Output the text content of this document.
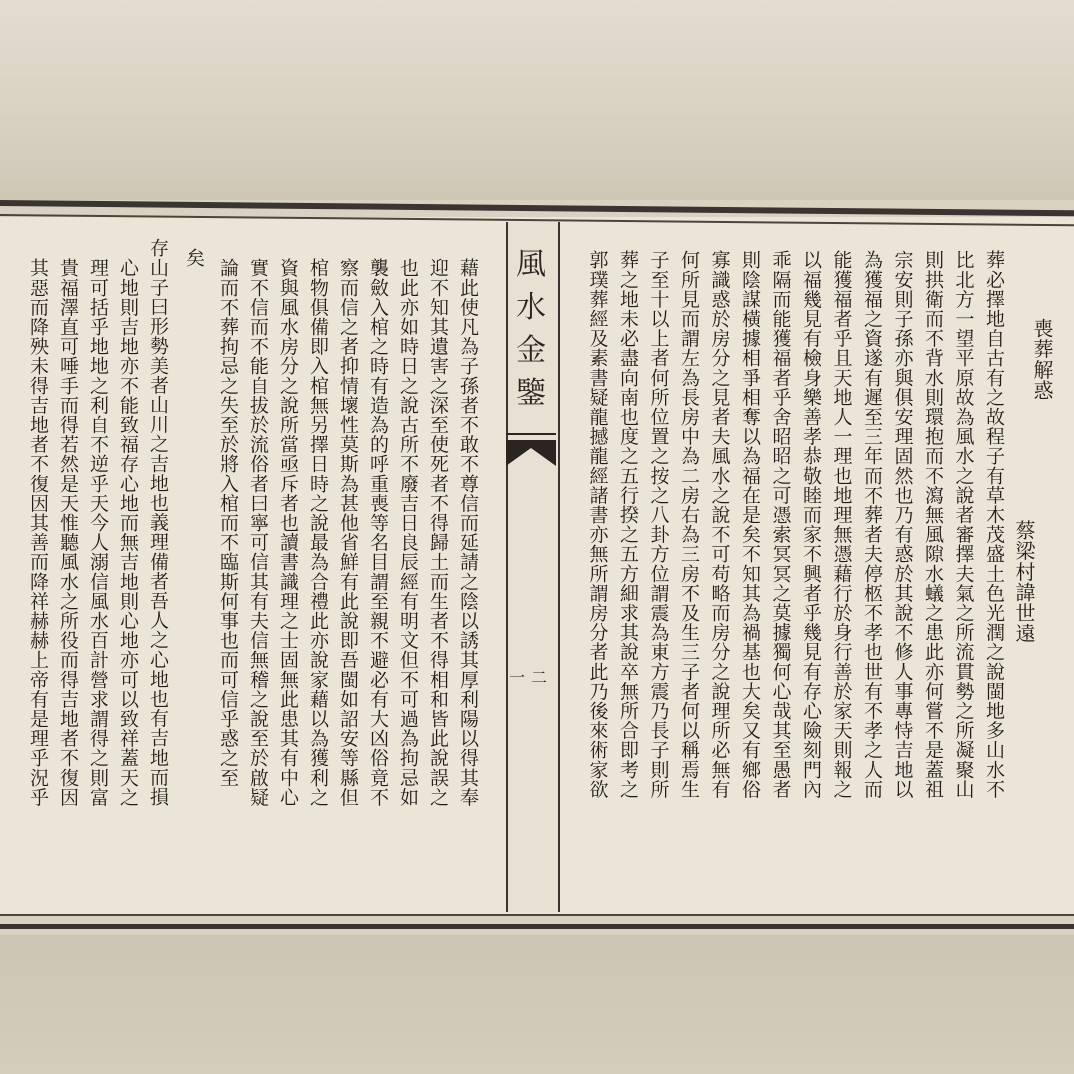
風
水
金
鑒
一二
喪葬解惑
蔡梁村諱世遠
葬必擇地自古有之故程子有草木茂盛土色光潤之說閩地多山水不
比北方一望平原故為風水之說者審擇夫氣之所流貫勢之所凝聚山
則拱衛而不背水則環抱而不瀉無風隙水蟻之患此亦何嘗不是蓋祖
宗安則子孫亦與俱安理固然也乃有惑於其說不修人事專恃吉地以
為獲福之資遂有遲至三年而不葬者夫停柩不孝也世有不孝之人而
能獲福者乎且天地人一理也地理無憑藉行於身行善於家天則報之
以福幾見有檢身樂善孝恭敬睦而家不興者乎幾見有存心險刻門內
乖隔而能獲福者乎舍昭昭之可憑索冥冥之莫據獨何心哉其至愚者
則陰謀橫據相爭相奪以為福在是矣不知其為禍基也大矣又有鄉俗
寡識惑於房分之見者夫風水之說不可苟略而房分之說理所必無有
何所見而謂左為長房中為二房右為三房不及生三子者何以稱焉生
子至十以上者何所位置之按之八卦方位謂震為東方震乃長子則所
葬之地未必盡向南也度之五行揆之五方細求其說卒無所合即考之
郭璞葬經及素書疑龍撼龍經諸書亦無所謂房分者此乃後來術家欲
藉此使凡為子孫者不敢不尊信而延請之陰以誘其厚利陽以得其奉
迎不知其遺害之深至使死者不得歸土而生者不得相和皆此說誤之
也此亦如時日之說古所不廢吉日良辰經有明文但不可過為拘忌如
襲斂入棺之時有造為的呼重喪等名目謂至親不避必有大凶俗竟不
察而信之者抑情壞性莫斯為甚他省鮮有此說即吾閩如詔安等縣但
棺物俱備即入棺無另擇日時之說最為合禮此亦說家藉以為獲利之
資與風水房分之說所當亟斥者也讀書識理之士固無此患其有中心
實不信而不能自拔於流俗者曰寧可信其有夫信無稽之說至於啟疑
論而不葬拘忌之失至於將入棺而不臨斯何事也而可信乎惑之至
矣
存山子曰形勢美者山川之吉地也義理備者吾人之心地也有吉地而損
心地則吉地亦不能致福存心地而無吉地則心地亦可以致祥蓋天之
理可括乎地地之利自不逆乎天今人溺信風水百計營求謂得之則富
貴福澤直可唾手而得若然是天惟聽風水之所役而得吉地者不復因
其惡而降殃未得吉地者不復因其善而降祥赫赫上帝有是理乎況乎
